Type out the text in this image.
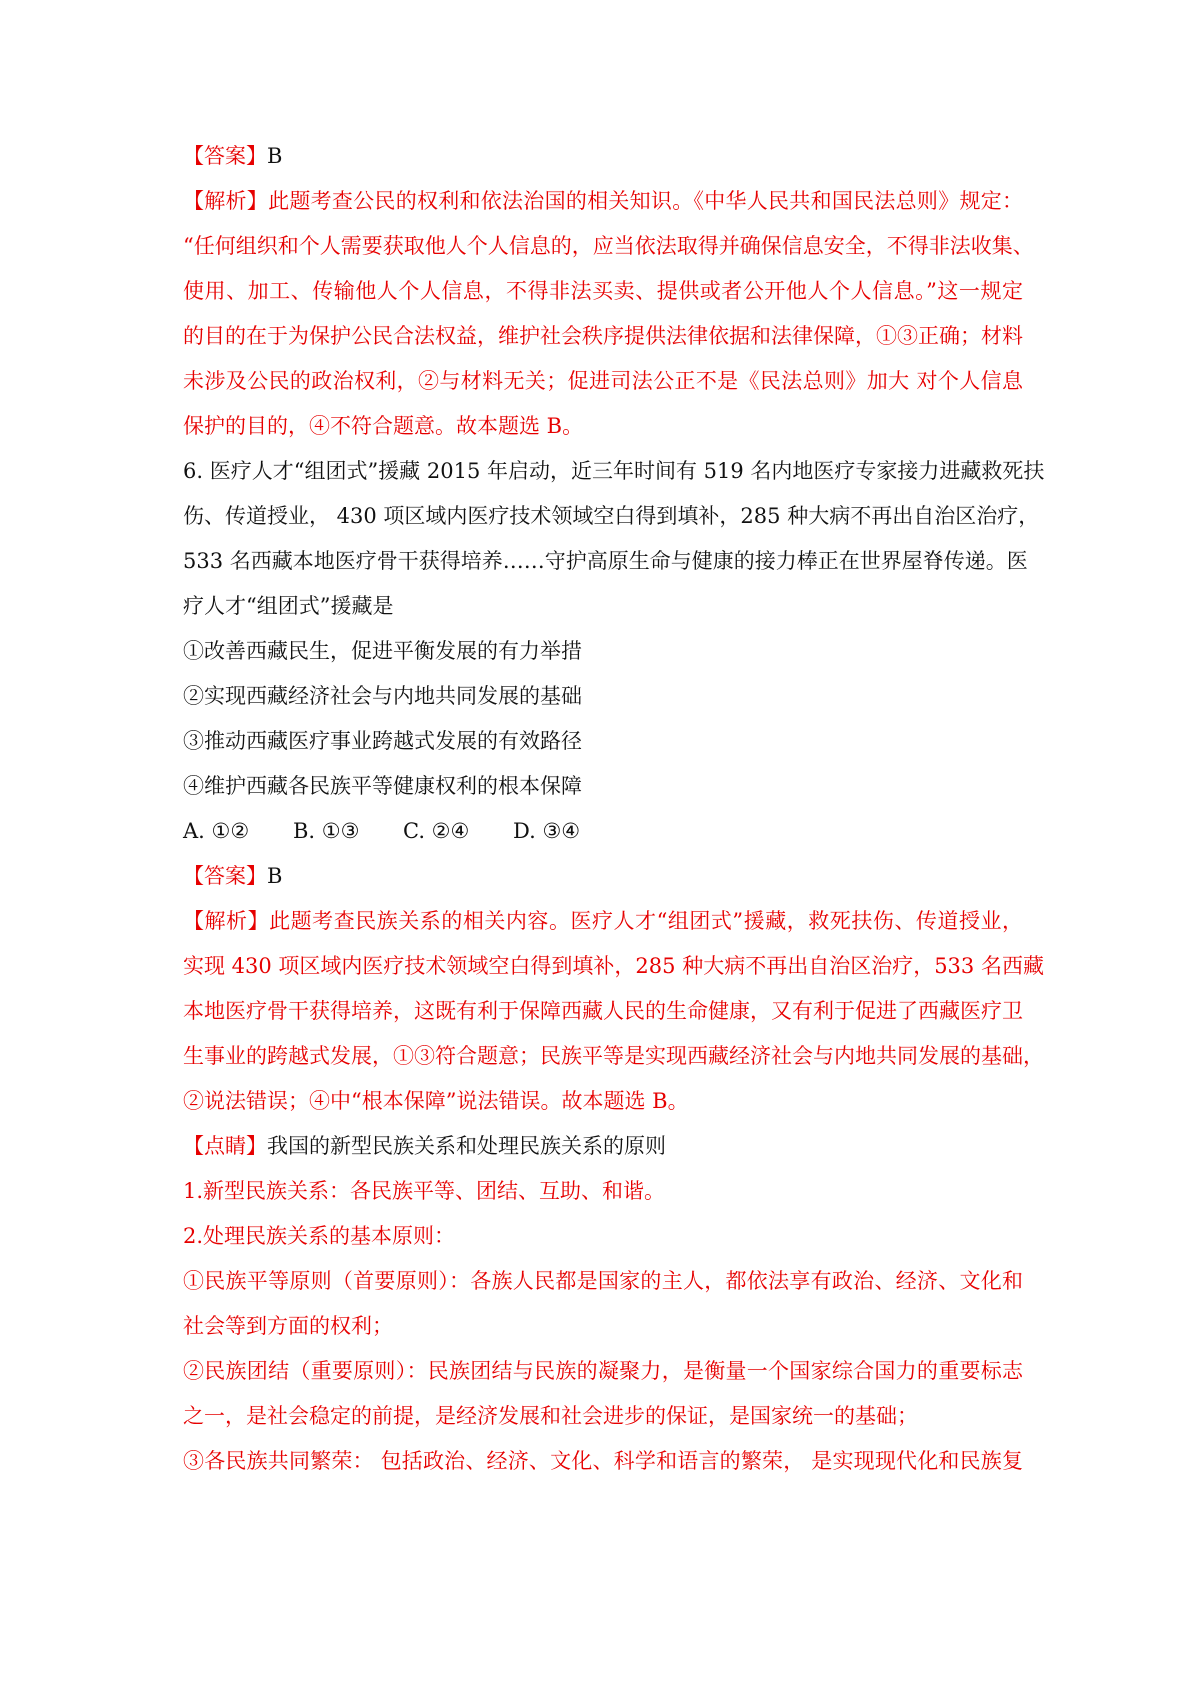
【答案】B
【解析】此题考查公民的权利和依法治国的相关知识。《中华人民共和国民法总则》规定：
“任何组织和个人需要获取他人个人信息的，应当依法取得并确保信息安全，不得非法收集、
使用、加工、传输他人个人信息，不得非法买卖、提供或者公开他人个人信息。”这一规定
的目的在于为保护公民合法权益，维护社会秩序提供法律依据和法律保障，①③正确；材料
未涉及公民的政治权利，②与材料无关；促进司法公正不是《民法总则》加大 对个人信息
保护的目的，④不符合题意。故本题选 B。
6. 医疗人才“组团式”援藏 2015 年启动，近三年时间有 519 名内地医疗专家接力进藏救死扶
伤、传道授业， 430 项区域内医疗技术领域空白得到填补，285 种大病不再出自治区治疗，
533 名西藏本地医疗骨干获得培养……守护高原生命与健康的接力棒正在世界屋脊传递。医
疗人才“组团式”援藏是
①改善西藏民生，促进平衡发展的有力举措
②实现西藏经济社会与内地共同发展的基础
③推动西藏医疗事业跨越式发展的有效路径
④维护西藏各民族平等健康权利的根本保障
A. ①② B. ①③ C. ②④ D. ③④
【答案】B
【解析】此题考查民族关系的相关内容。医疗人才“组团式”援藏，救死扶伤、传道授业，
实现 430 项区域内医疗技术领域空白得到填补，285 种大病不再出自治区治疗，533 名西藏
本地医疗骨干获得培养，这既有利于保障西藏人民的生命健康，又有利于促进了西藏医疗卫
生事业的跨越式发展，①③符合题意；民族平等是实现西藏经济社会与内地共同发展的基础，
②说法错误；④中“根本保障”说法错误。故本题选 B。
【点睛】我国的新型民族关系和处理民族关系的原则
1.新型民族关系：各民族平等、团结、互助、和谐。
2.处理民族关系的基本原则：
①民族平等原则（首要原则）：各族人民都是国家的主人，都依法享有政治、经济、文化和
社会等到方面的权利；
②民族团结（重要原则）：民族团结与民族的凝聚力，是衡量一个国家综合国力的重要标志
之一，是社会稳定的前提，是经济发展和社会进步的保证，是国家统一的基础；
③各民族共同繁荣： 包括政治、经济、文化、科学和语言的繁荣， 是实现现代化和民族复
